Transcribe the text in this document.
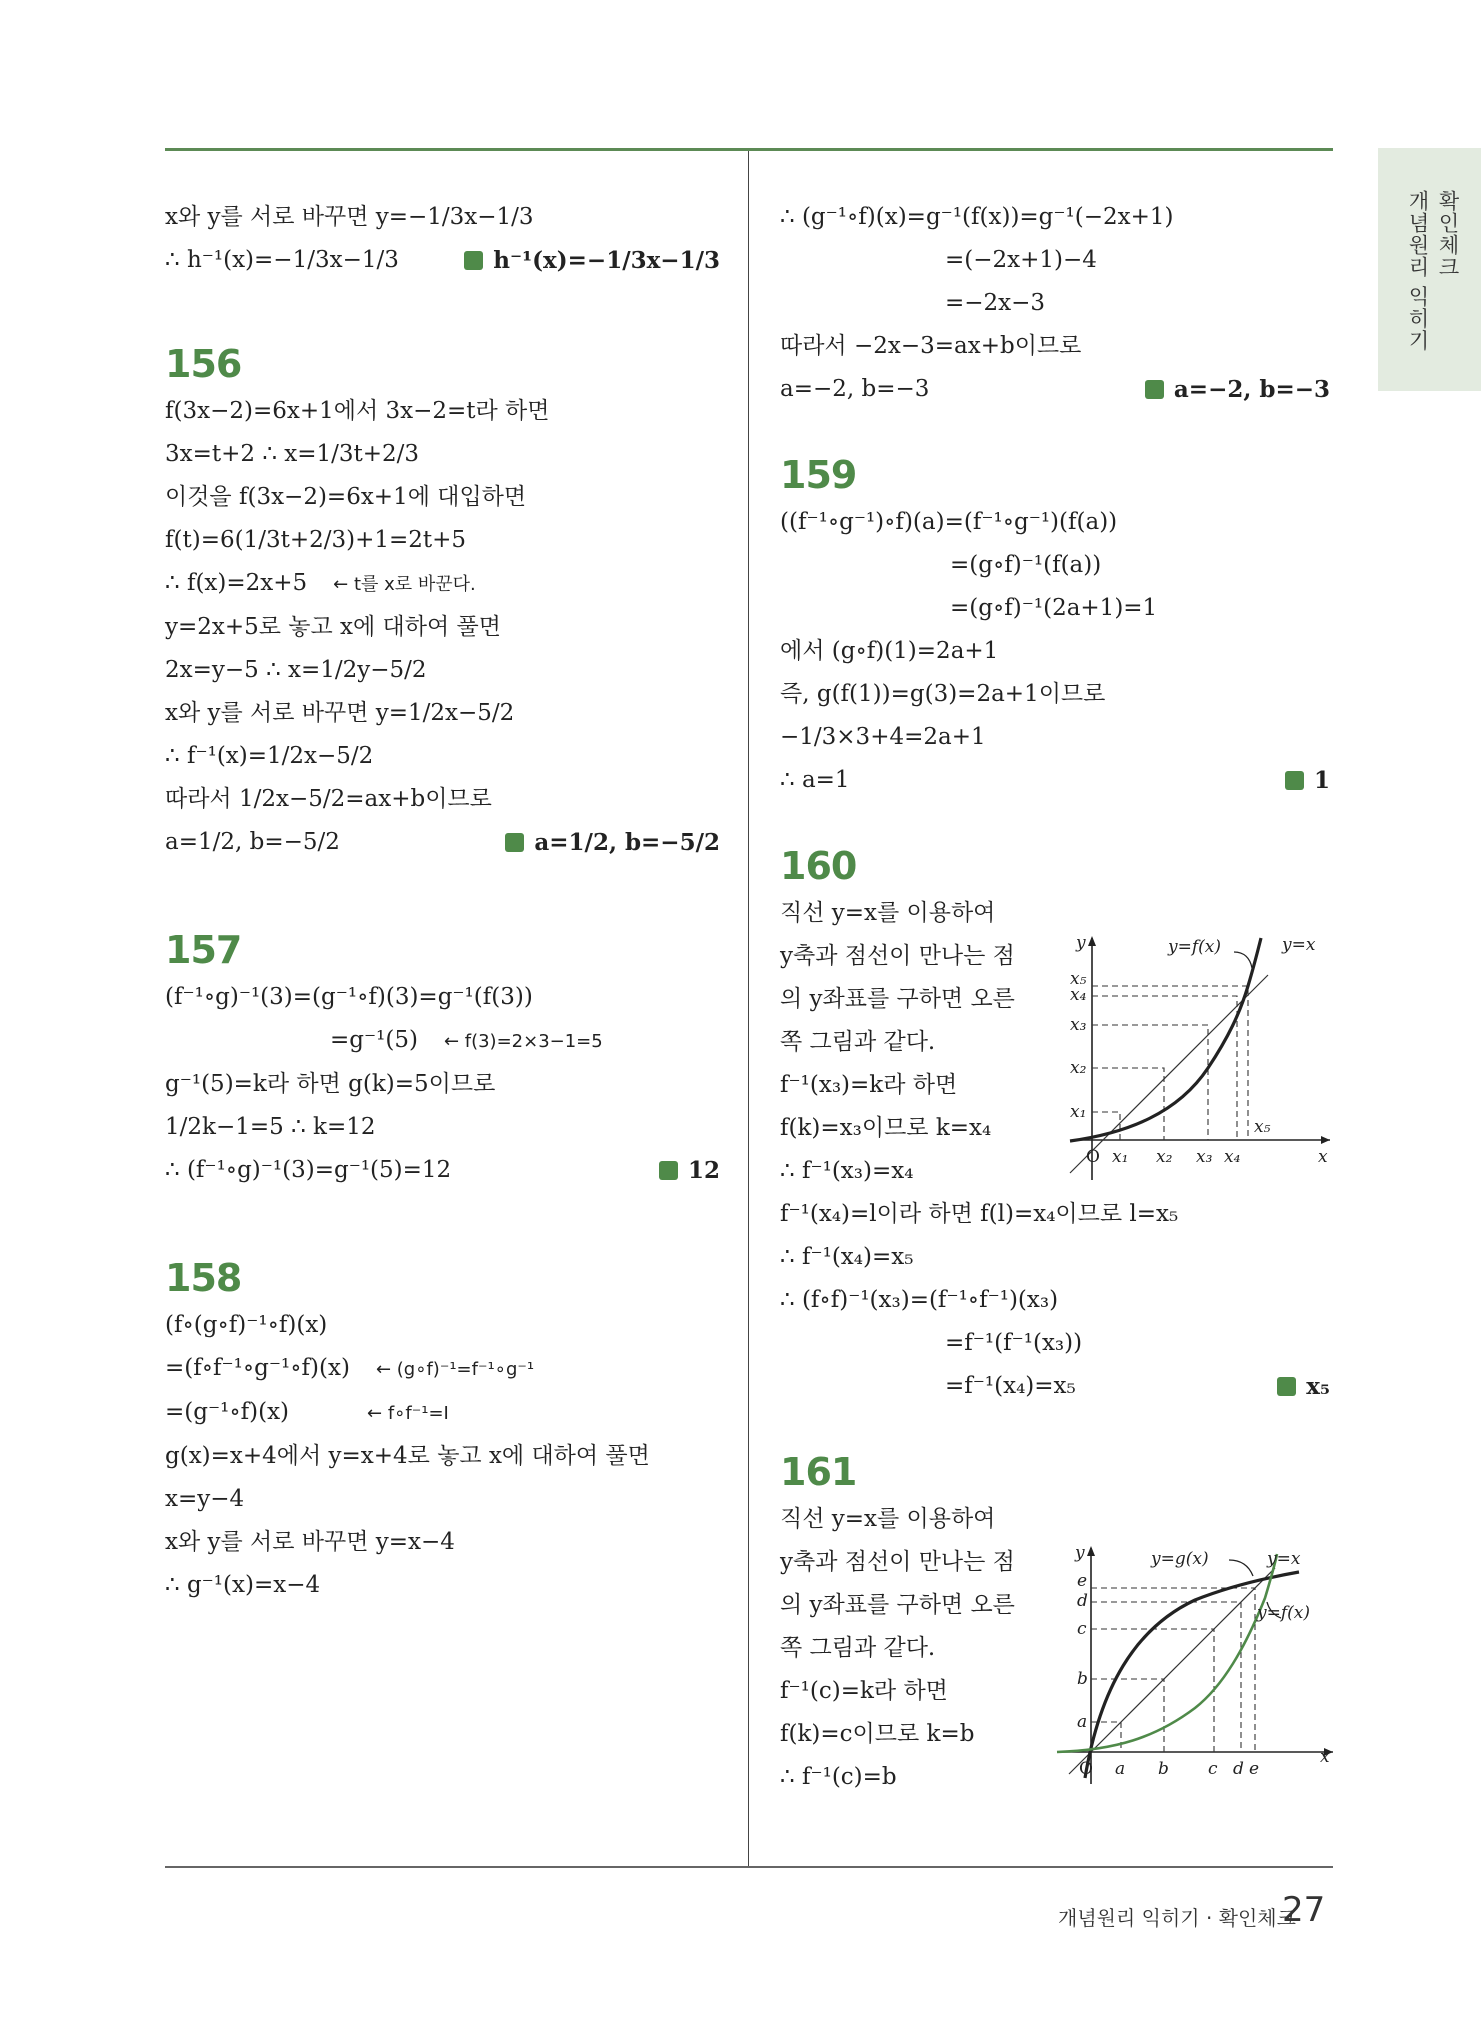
확인체크
개념원리 익히기
x와 y를 서로 바꾸면 y=−1/3x−1/3
∴ h⁻¹(x)=−1/3x−1/3	h⁻¹(x)=−1/3x−1/3
156
f(3x−2)=6x+1에서 3x−2=t라 하면
3x=t+2 ∴ x=1/3t+2/3
이것을 f(3x−2)=6x+1에 대입하면
f(t)=6(1/3t+2/3)+1=2t+5
∴ f(x)=2x+5 ← t를 x로 바꾼다.
y=2x+5로 놓고 x에 대하여 풀면
2x=y−5 ∴ x=1/2y−5/2
x와 y를 서로 바꾸면 y=1/2x−5/2
∴ f⁻¹(x)=1/2x−5/2
따라서 1/2x−5/2=ax+b이므로
a=1/2, b=−5/2	a=1/2, b=−5/2
157
(f⁻¹∘g)⁻¹(3)=(g⁻¹∘f)(3)=g⁻¹(f(3))
=g⁻¹(5) ← f(3)=2×3−1=5
g⁻¹(5)=k라 하면 g(k)=5이므로
1/2k−1=5 ∴ k=12
∴ (f⁻¹∘g)⁻¹(3)=g⁻¹(5)=12	12
158
(f∘(g∘f)⁻¹∘f)(x)
=(f∘f⁻¹∘g⁻¹∘f)(x) ← (g∘f)⁻¹=f⁻¹∘g⁻¹
=(g⁻¹∘f)(x)	← f∘f⁻¹=I
g(x)=x+4에서 y=x+4로 놓고 x에 대하여 풀면
x=y−4
x와 y를 서로 바꾸면 y=x−4
∴ g⁻¹(x)=x−4
∴ (g⁻¹∘f)(x)=g⁻¹(f(x))=g⁻¹(−2x+1)
=(−2x+1)−4
=−2x−3
따라서 −2x−3=ax+b이므로
a=−2, b=−3	a=−2, b=−3
159
((f⁻¹∘g⁻¹)∘f)(a)=(f⁻¹∘g⁻¹)(f(a))
=(g∘f)⁻¹(f(a))
=(g∘f)⁻¹(2a+1)=1
에서 (g∘f)(1)=2a+1
즉, g(f(1))=g(3)=2a+1이므로
−1/3×3+4=2a+1
∴ a=1	1
160
직선 y=x를 이용하여
y축과 점선이 만나는 점
의 y좌표를 구하면 오른
쪽 그림과 같다.
f⁻¹(x₃)=k라 하면
f(k)=x₃이므로 k=x₄
∴ f⁻¹(x₃)=x₄
f⁻¹(x₄)=l이라 하면 f(l)=x₄이므로 l=x₅
∴ f⁻¹(x₄)=x₅
∴ (f∘f)⁻¹(x₃)=(f⁻¹∘f⁻¹)(x₃)
=f⁻¹(f⁻¹(x₃))
=f⁻¹(x₄)=x₅	x₅
161
직선 y=x를 이용하여
y축과 점선이 만나는 점
의 y좌표를 구하면 오른
쪽 그림과 같다.
f⁻¹(c)=k라 하면
f(k)=c이므로 k=b
∴ f⁻¹(c)=b
y
x
O
y=f(x)	y=x
x₅
x₄
x₃
x₂
x₁
x₁ x₂ x₃ x₄
x₅
y
x
O
y=g(x)	y=x
y=f(x)
e
d
c
b
a
a b c d e
개념원리 익히기 · 확인체크
27
